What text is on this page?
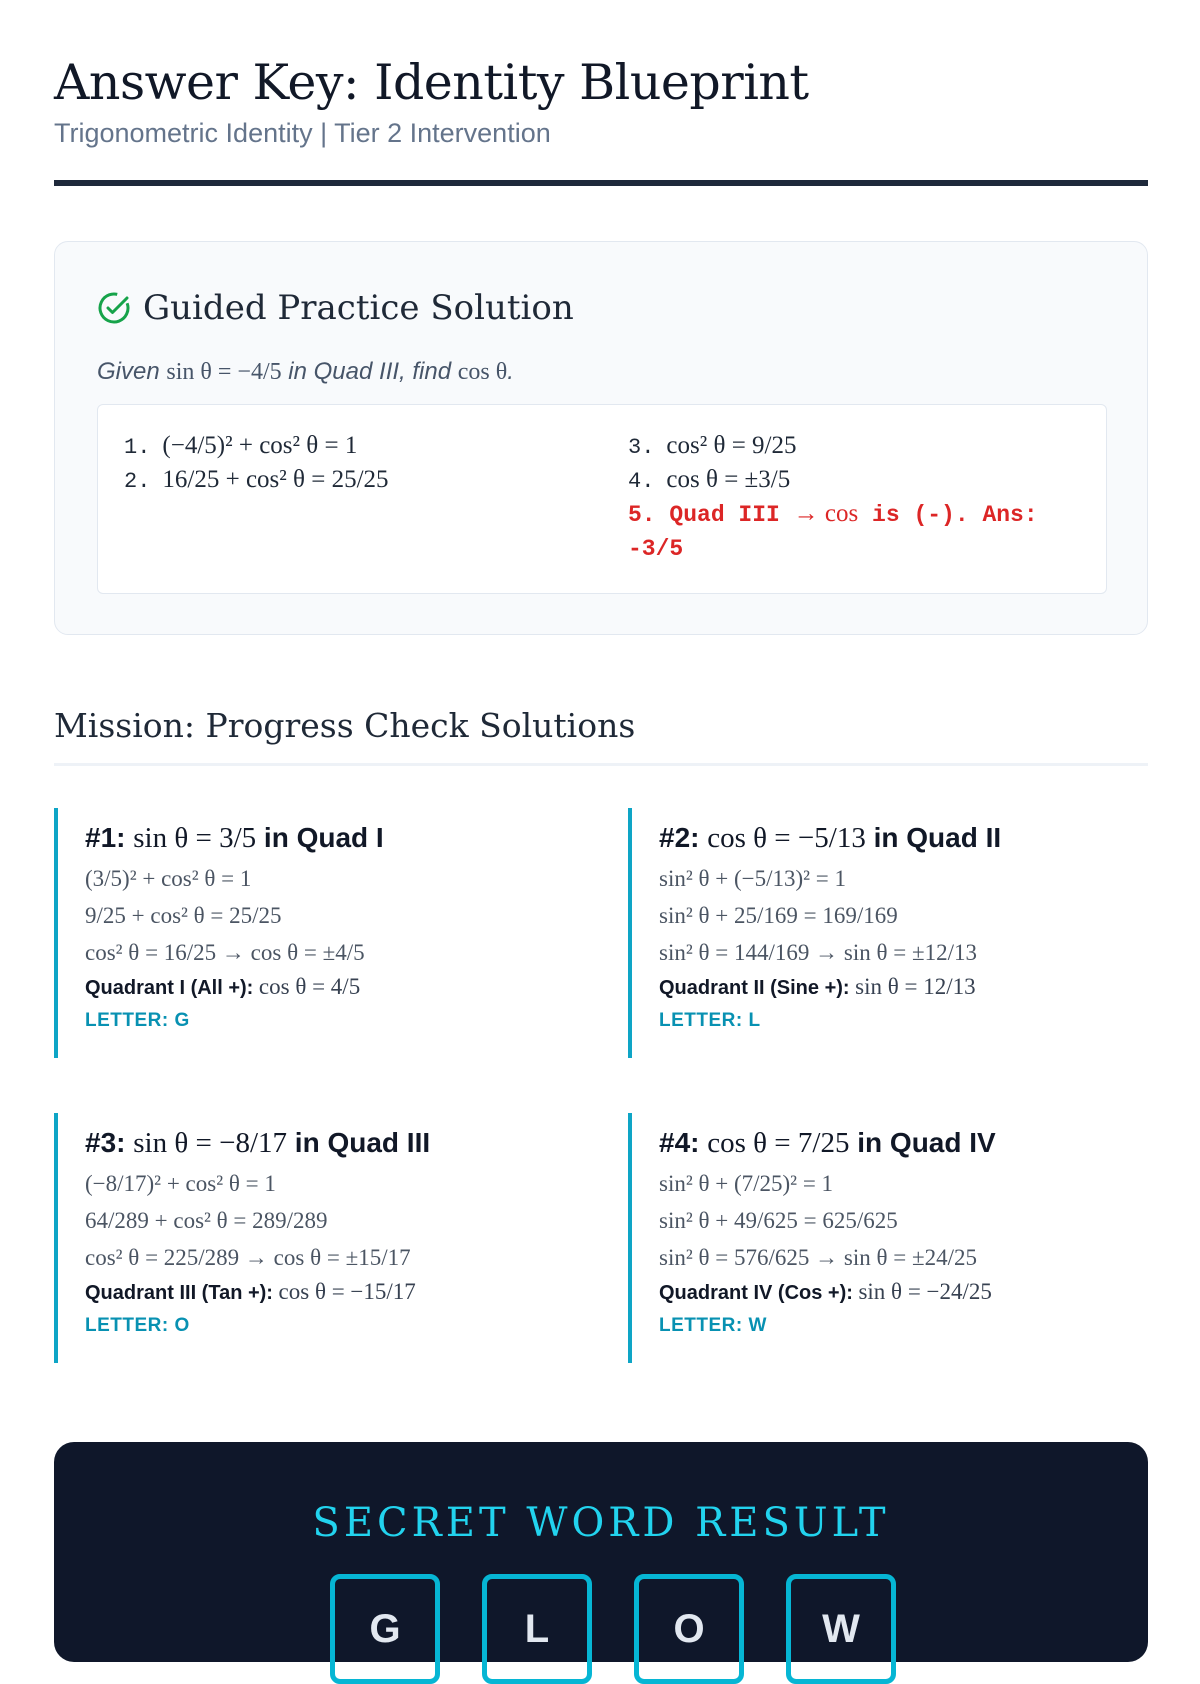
Answer Key: Identity Blueprint
Trigonometric Identity | Tier 2 Intervention
Guided Practice Solution
Given sin θ = −4/5 in Quad III, find cos θ.
1. (−4/5)² + cos² θ = 1
2. 16/25 + cos² θ = 25/25
3. cos² θ = 9/25
4. cos θ = ±3/5
5. Quad III → cos is (-). Ans: -3/5
Mission: Progress Check Solutions
#1: sin θ = 3/5 in Quad I
(3/5)² + cos² θ = 1
9/25 + cos² θ = 25/25
cos² θ = 16/25 → cos θ = ±4/5
Quadrant I (All +): cos θ = 4/5
LETTER: G
#2: cos θ = −5/13 in Quad II
sin² θ + (−5/13)² = 1
sin² θ + 25/169 = 169/169
sin² θ = 144/169 → sin θ = ±12/13
Quadrant II (Sine +): sin θ = 12/13
LETTER: L
#3: sin θ = −8/17 in Quad III
(−8/17)² + cos² θ = 1
64/289 + cos² θ = 289/289
cos² θ = 225/289 → cos θ = ±15/17
Quadrant III (Tan +): cos θ = −15/17
LETTER: O
#4: cos θ = 7/25 in Quad IV
sin² θ + (7/25)² = 1
sin² θ + 49/625 = 625/625
sin² θ = 576/625 → sin θ = ±24/25
Quadrant IV (Cos +): sin θ = −24/25
LETTER: W
SECRET WORD RESULT
G	L	O	W
